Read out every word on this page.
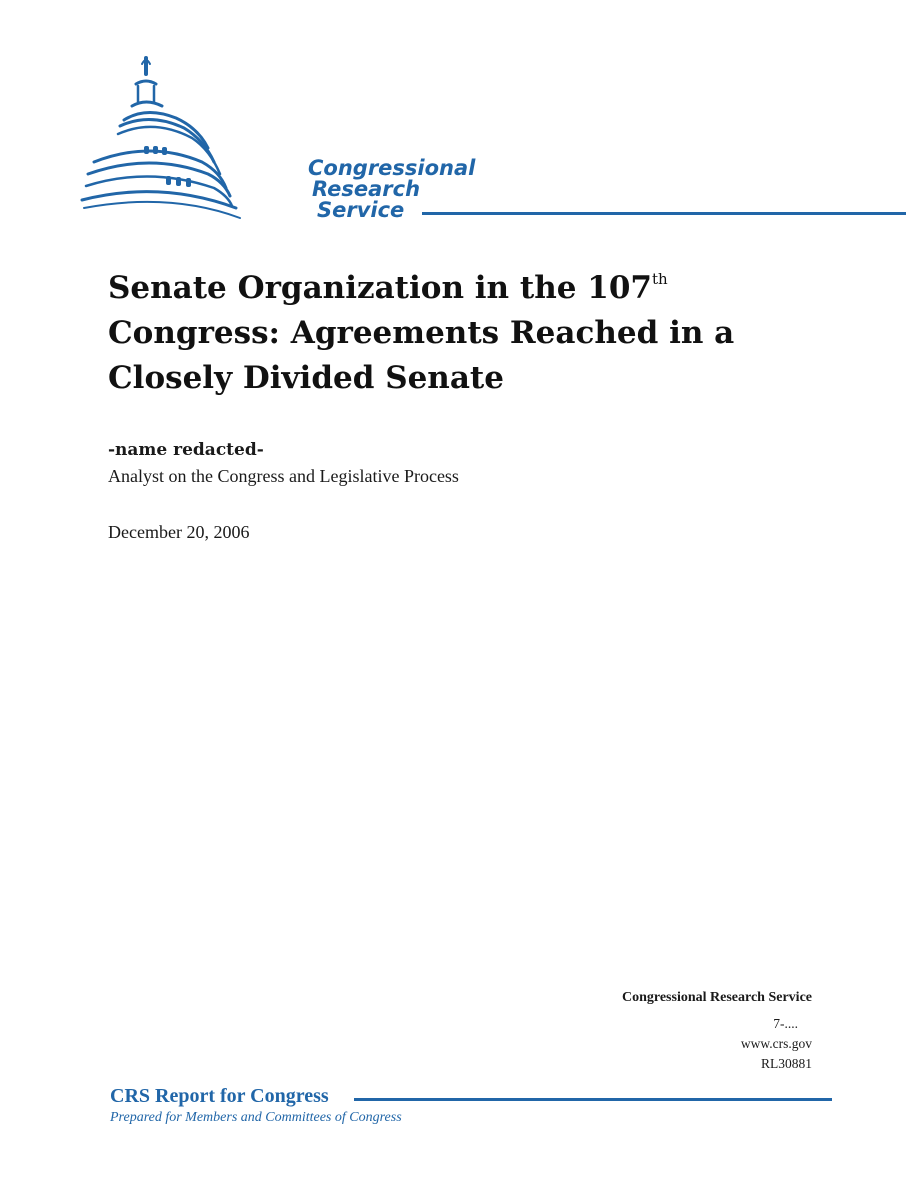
Congressional
Research
Service
Senate Organization in the 107th Congress: Agreements Reached in a Closely Divided Senate
-name redacted-
Analyst on the Congress and Legislative Process
December 20, 2006
Congressional Research Service
7-....
www.crs.gov
RL30881
CRS Report for Congress
Prepared for Members and Committees of Congress
